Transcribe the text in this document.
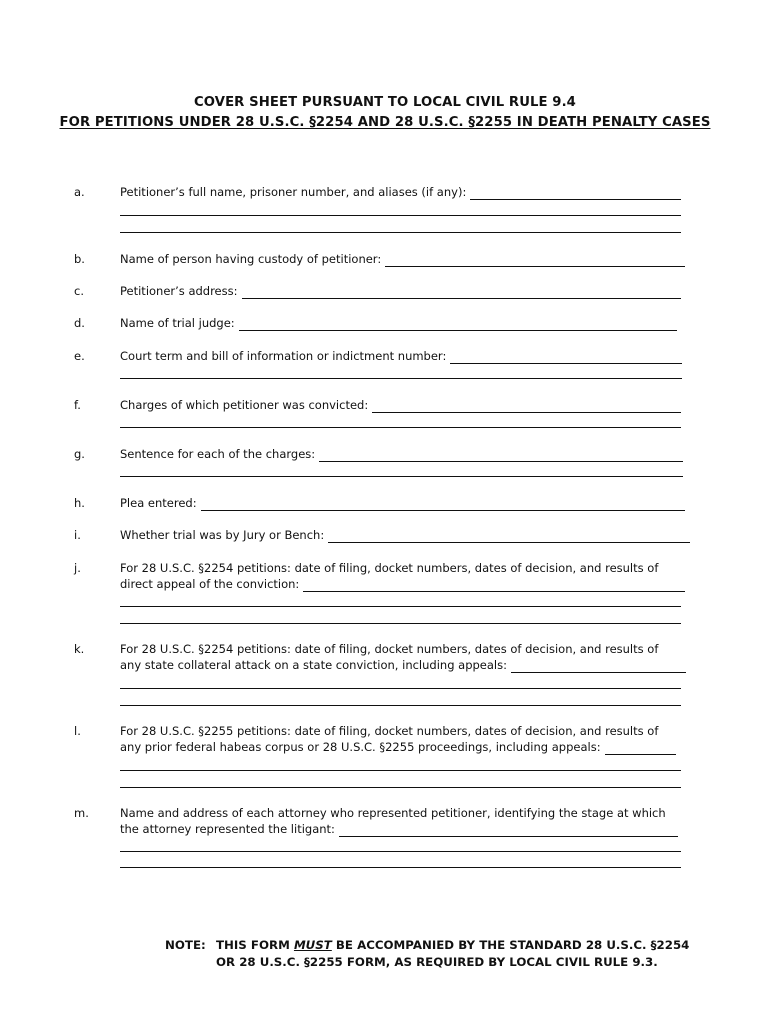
COVER SHEET PURSUANT TO LOCAL CIVIL RULE 9.4
FOR PETITIONS UNDER 28 U.S.C. §2254 AND 28 U.S.C. §2255 IN DEATH PENALTY CASES
a.	Petitioner’s full name, prisoner number, and aliases (if any):
b.	Name of person having custody of petitioner:
c.	Petitioner’s address:
d.	Name of trial judge:
e.	Court term and bill of information or indictment number:
f.	Charges of which petitioner was convicted:
g.	Sentence for each of the charges:
h.	Plea entered:
i.	Whether trial was by Jury or Bench:
j.	For 28 U.S.C. §2254 petitions: date of filing, docket numbers, dates of decision, and results of
direct appeal of the conviction:
k.	For 28 U.S.C. §2254 petitions: date of filing, docket numbers, dates of decision, and results of
any state collateral attack on a state conviction, including appeals:
l.	For 28 U.S.C. §2255 petitions: date of filing, docket numbers, dates of decision, and results of
any prior federal habeas corpus or 28 U.S.C. §2255 proceedings, including appeals:
m.	Name and address of each attorney who represented petitioner, identifying the stage at which
the attorney represented the litigant:
NOTE: THIS FORM MUST BE ACCOMPANIED BY THE STANDARD 28 U.S.C. §2254
OR 28 U.S.C. §2255 FORM, AS REQUIRED BY LOCAL CIVIL RULE 9.3.
